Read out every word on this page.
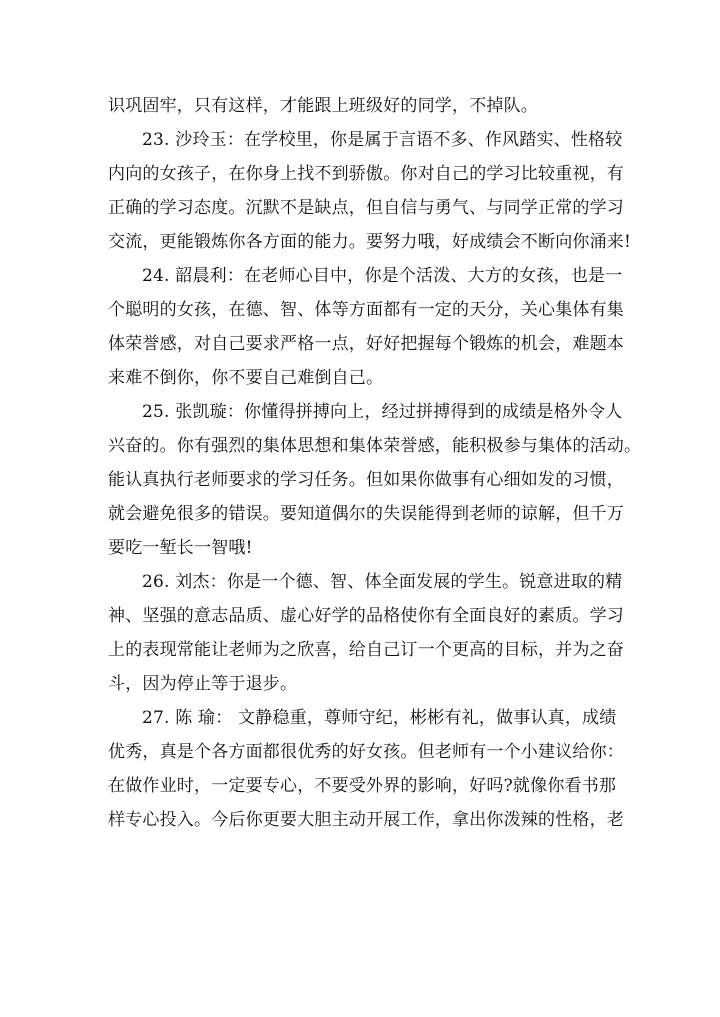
识巩固牢，只有这样，才能跟上班级好的同学，不掉队。
23. 沙玲玉：在学校里，你是属于言语不多、作风踏实、性格较
内向的女孩子，在你身上找不到骄傲。你对自己的学习比较重视，有
正确的学习态度。沉默不是缺点，但自信与勇气、与同学正常的学习
交流，更能锻炼你各方面的能力。要努力哦，好成绩会不断向你涌来!
24. 韶晨利：在老师心目中，你是个活泼、大方的女孩，也是一
个聪明的女孩，在德、智、体等方面都有一定的天分，关心集体有集
体荣誉感，对自己要求严格一点，好好把握每个锻炼的机会，难题本
来难不倒你，你不要自己难倒自己。
25. 张凯璇：你懂得拼搏向上，经过拼搏得到的成绩是格外令人
兴奋的。你有强烈的集体思想和集体荣誉感，能积极参与集体的活动。
能认真执行老师要求的学习任务。但如果你做事有心细如发的习惯，
就会避免很多的错误。要知道偶尔的失误能得到老师的谅解，但千万
要吃一堑长一智哦!
26. 刘杰：你是一个德、智、体全面发展的学生。锐意进取的精
神、坚强的意志品质、虚心好学的品格使你有全面良好的素质。学习
上的表现常能让老师为之欣喜，给自己订一个更高的目标，并为之奋
斗，因为停止等于退步。
27. 陈 瑜： 文静稳重，尊师守纪，彬彬有礼，做事认真，成绩
优秀，真是个各方面都很优秀的好女孩。但老师有一个小建议给你：
在做作业时，一定要专心，不要受外界的影响，好吗?就像你看书那
样专心投入。今后你更要大胆主动开展工作，拿出你泼辣的性格，老
